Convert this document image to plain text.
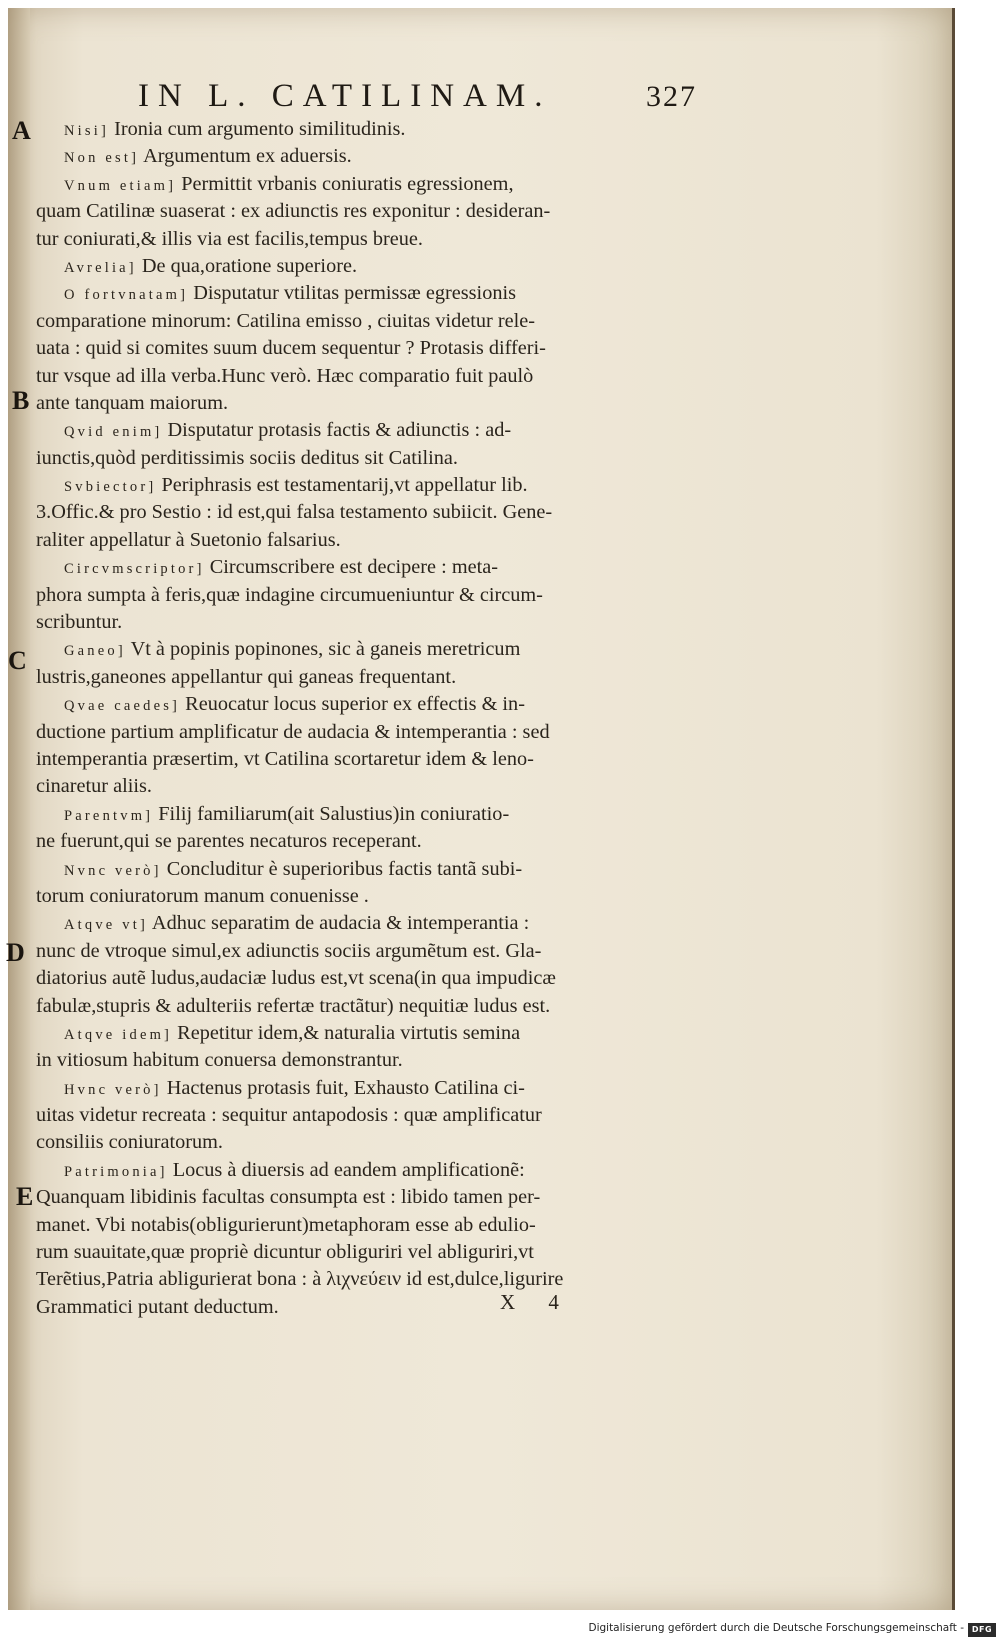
IN L. CATILINAM.	327
A
B
C
D
E
Nisi] Ironia cum argumento similitudinis.
Non est] Argumentum ex aduersis.
Vnum etiam] Permittit vrbanis coniuratis egressionem,
quam Catilinæ suaserat : ex adiunctis res exponitur : desideran-
tur coniurati,& illis via est facilis,tempus breue.
Avrelia] De qua,oratione superiore.
O fortvnatam] Disputatur vtilitas permissæ egressionis
comparatione minorum: Catilina emisso , ciuitas videtur rele-
uata : quid si comites suum ducem sequentur ? Protasis differi-
tur vsque ad illa verba.Hunc verò. Hæc comparatio fuit paulò
ante tanquam maiorum.
Qvid enim] Disputatur protasis factis & adiunctis : ad-
iunctis,quòd perditissimis sociis deditus sit Catilina.
Svbiector] Periphrasis est testamentarij,vt appellatur lib.
3.Offic.& pro Sestio : id est,qui falsa testamento subiicit. Gene-
raliter appellatur à Suetonio falsarius.
Circvmscriptor] Circumscribere est decipere : meta-
phora sumpta à feris,quæ indagine circumueniuntur & circum-
scribuntur.
Ganeo] Vt à popinis popinones, sic à ganeis meretricum
lustris,ganeones appellantur qui ganeas frequentant.
Qvae caedes] Reuocatur locus superior ex effectis & in-
ductione partium amplificatur de audacia & intemperantia : sed
intemperantia præsertim, vt Catilina scortaretur idem & leno-
cinaretur aliis.
Parentvm] Filij familiarum(ait Salustius)in coniuratio-
ne fuerunt,qui se parentes necaturos receperant.
Nvnc verò] Concluditur è superioribus factis tantã subi-
torum coniuratorum manum conuenisse .
Atqve vt] Adhuc separatim de audacia & intemperantia :
nunc de vtroque simul,ex adiunctis sociis argumẽtum est. Gla-
diatorius autẽ ludus,audaciæ ludus est,vt scena(in qua impudicæ
fabulæ,stupris & adulteriis refertæ tractãtur) nequitiæ ludus est.
Atqve idem] Repetitur idem,& naturalia virtutis semina
in vitiosum habitum conuersa demonstrantur.
Hvnc verò] Hactenus protasis fuit, Exhausto Catilina ci-
uitas videtur recreata : sequitur antapodosis : quæ amplificatur
consiliis coniuratorum.
Patrimonia] Locus à diuersis ad eandem amplificationẽ:
Quanquam libidinis facultas consumpta est : libido tamen per-
manet. Vbi notabis(obligurierunt)metaphoram esse ab edulio-
rum suauitate,quæ propriè dicuntur obliguriri vel abliguriri,vt
Terẽtius,Patria abligurierat bona : à λιχνεύειν id est,dulce,ligurire
Grammatici putant deductum.	X 4
Digitalisierung gefördert durch die Deutsche Forschungsgemeinschaft - DFG
